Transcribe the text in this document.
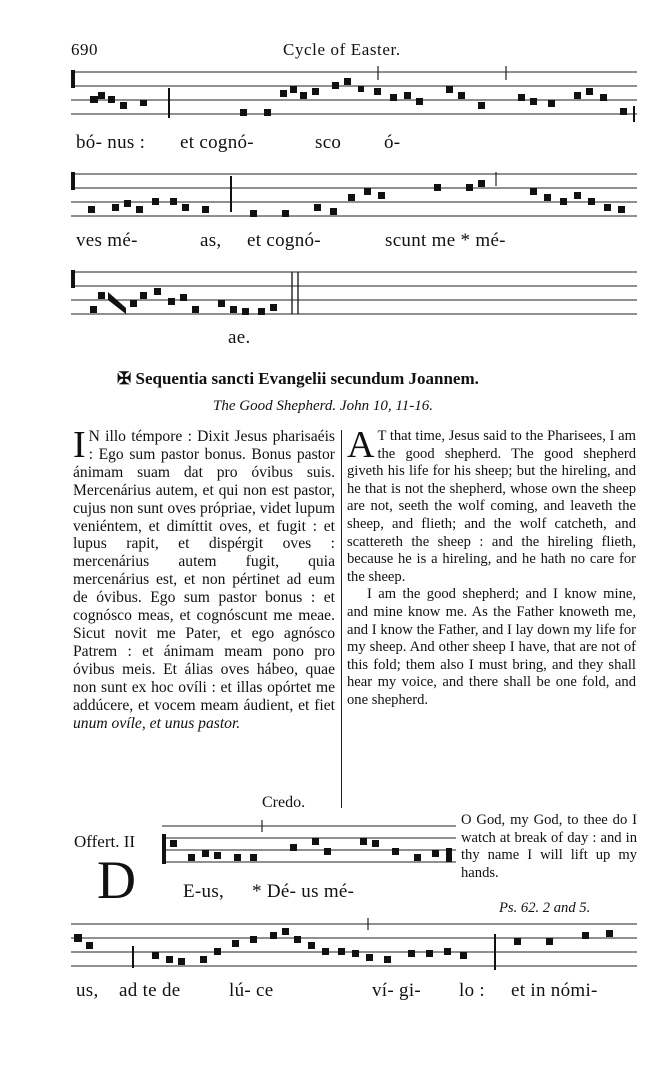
690	Cycle of Easter.
bó- nus : et cognó-	sco ó-
ves mé-	as, et cognó-	scunt me * mé-
ae.
✠ Sequentia sancti Evangelii secundum Joannem.
The Good Shepherd. John 10, 11-16.

I N illo témpore : Dixit Jesus pharisaéis : Ego sum pastor bonus. Bonus pastor ánimam suam dat pro óvibus suis. Mercenárius autem, et qui non est pastor, cujus non sunt oves própriae, videt lupum veniéntem, et dimíttit oves, et fugit : et lupus rapit, et dispérgit oves : mercenárius autem fugit, quia mercenárius est, et non pértinet ad eum de óvibus. Ego sum pastor bonus : et cognósco meas, et cognóscunt me meae. Sicut novit me Pater, et ego agnósco Patrem : et ánimam meam pono pro óvibus meis. Et álias oves hábeo, quae non sunt ex hoc ovíli : et illas opórtet me addúcere, et vocem meam áudient, et fiet unum ovíle, et unus pastor.

Credo.

A T that time, Jesus said to the Pharisees, I am the good shepherd. The good shepherd giveth his life for his sheep; but the hireling, and he that is not the shepherd, whose own the sheep are not, seeth the wolf coming, and leaveth the sheep, and flieth; and the wolf catcheth, and scattereth the sheep : and the hireling flieth, because he is a hireling, and he hath no care for the sheep.

I am the good shepherd; and I know mine, and mine know me. As the Father knoweth me, and I know the Father, and I lay down my life for my sheep. And other sheep I have, that are not of this fold; them also I must bring, and they shall hear my voice, and there shall be one fold, and one shepherd.

Offert. II
D E-us, * Dé- us mé-
O God, my God, to thee do I watch at break of day : and in thy name I will lift up my hands.
Ps. 62. 2 and 5.
us, ad te de	lú- ce	ví- gi- lo : et in nómi-
